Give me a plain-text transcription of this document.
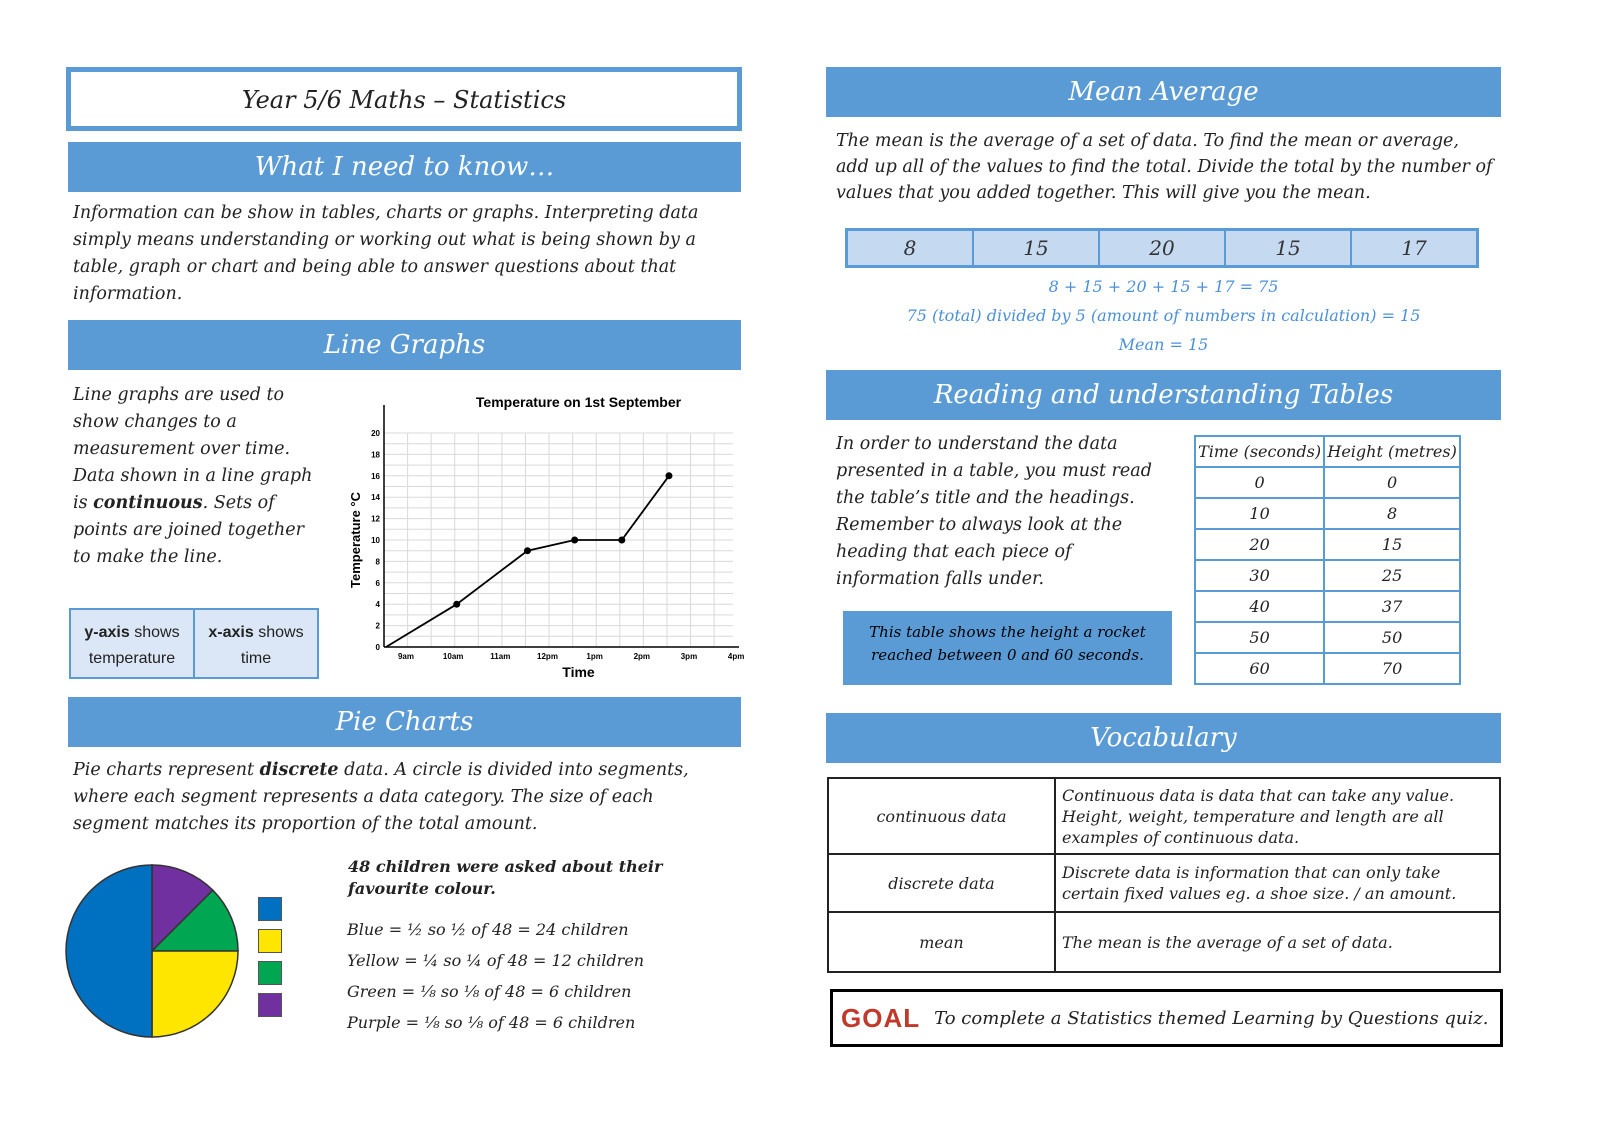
Year 5/6 Maths – Statistics
What I need to know…
Information can be show in tables, charts or graphs. Interpreting data simply means understanding or working out what is being shown by a table, graph or chart and being able to answer questions about that information.
Line Graphs
Line graphs are used to show changes to a measurement over time. Data shown in a line graph is continuous. Sets of points are joined together to make the line.
y-axis shows temperature
x-axis shows time
0
2
4
6
8
10
12
14
16
18
20
9am	10am	11am	12pm	1pm	2pm	3pm	4pm
Temperature on 1st September
Time
Temperature °C
Pie Charts
Pie charts represent discrete data. A circle is divided into segments, where each segment represents a data category. The size of each segment matches its proportion of the total amount.
48 children were asked about their favourite colour.
Blue = ½ so ½ of 48 = 24 children
Yellow = ¼ so ¼ of 48 = 12 children
Green = ⅛ so ⅛ of 48 = 6 children
Purple = ⅛ so ⅛ of 48 = 6 children
Mean Average
The mean is the average of a set of data. To find the mean or average, add up all of the values to find the total. Divide the total by the number of values that you added together. This will give you the mean.
8	15	20	15	17
8 + 15 + 20 + 15 + 17 = 75
75 (total) divided by 5 (amount of numbers in calculation) = 15
Mean = 15
Reading and understanding Tables
In order to understand the data presented in a table, you must read the table’s title and the headings. Remember to always look at the heading that each piece of information falls under.
This table shows the height a rocket reached between 0 and 60 seconds.
Time (seconds)	Height (metres)
0	0
10	8
20	15
30	25
40	37
50	50
60	70
Vocabulary
continuous data	Continuous data is data that can take any value. Height, weight, temperature and length are all examples of continuous data.
discrete data	Discrete data is information that can only take certain fixed values eg. a shoe size. / an amount.
mean	The mean is the average of a set of data.
GOAL To complete a Statistics themed Learning by Questions quiz.
